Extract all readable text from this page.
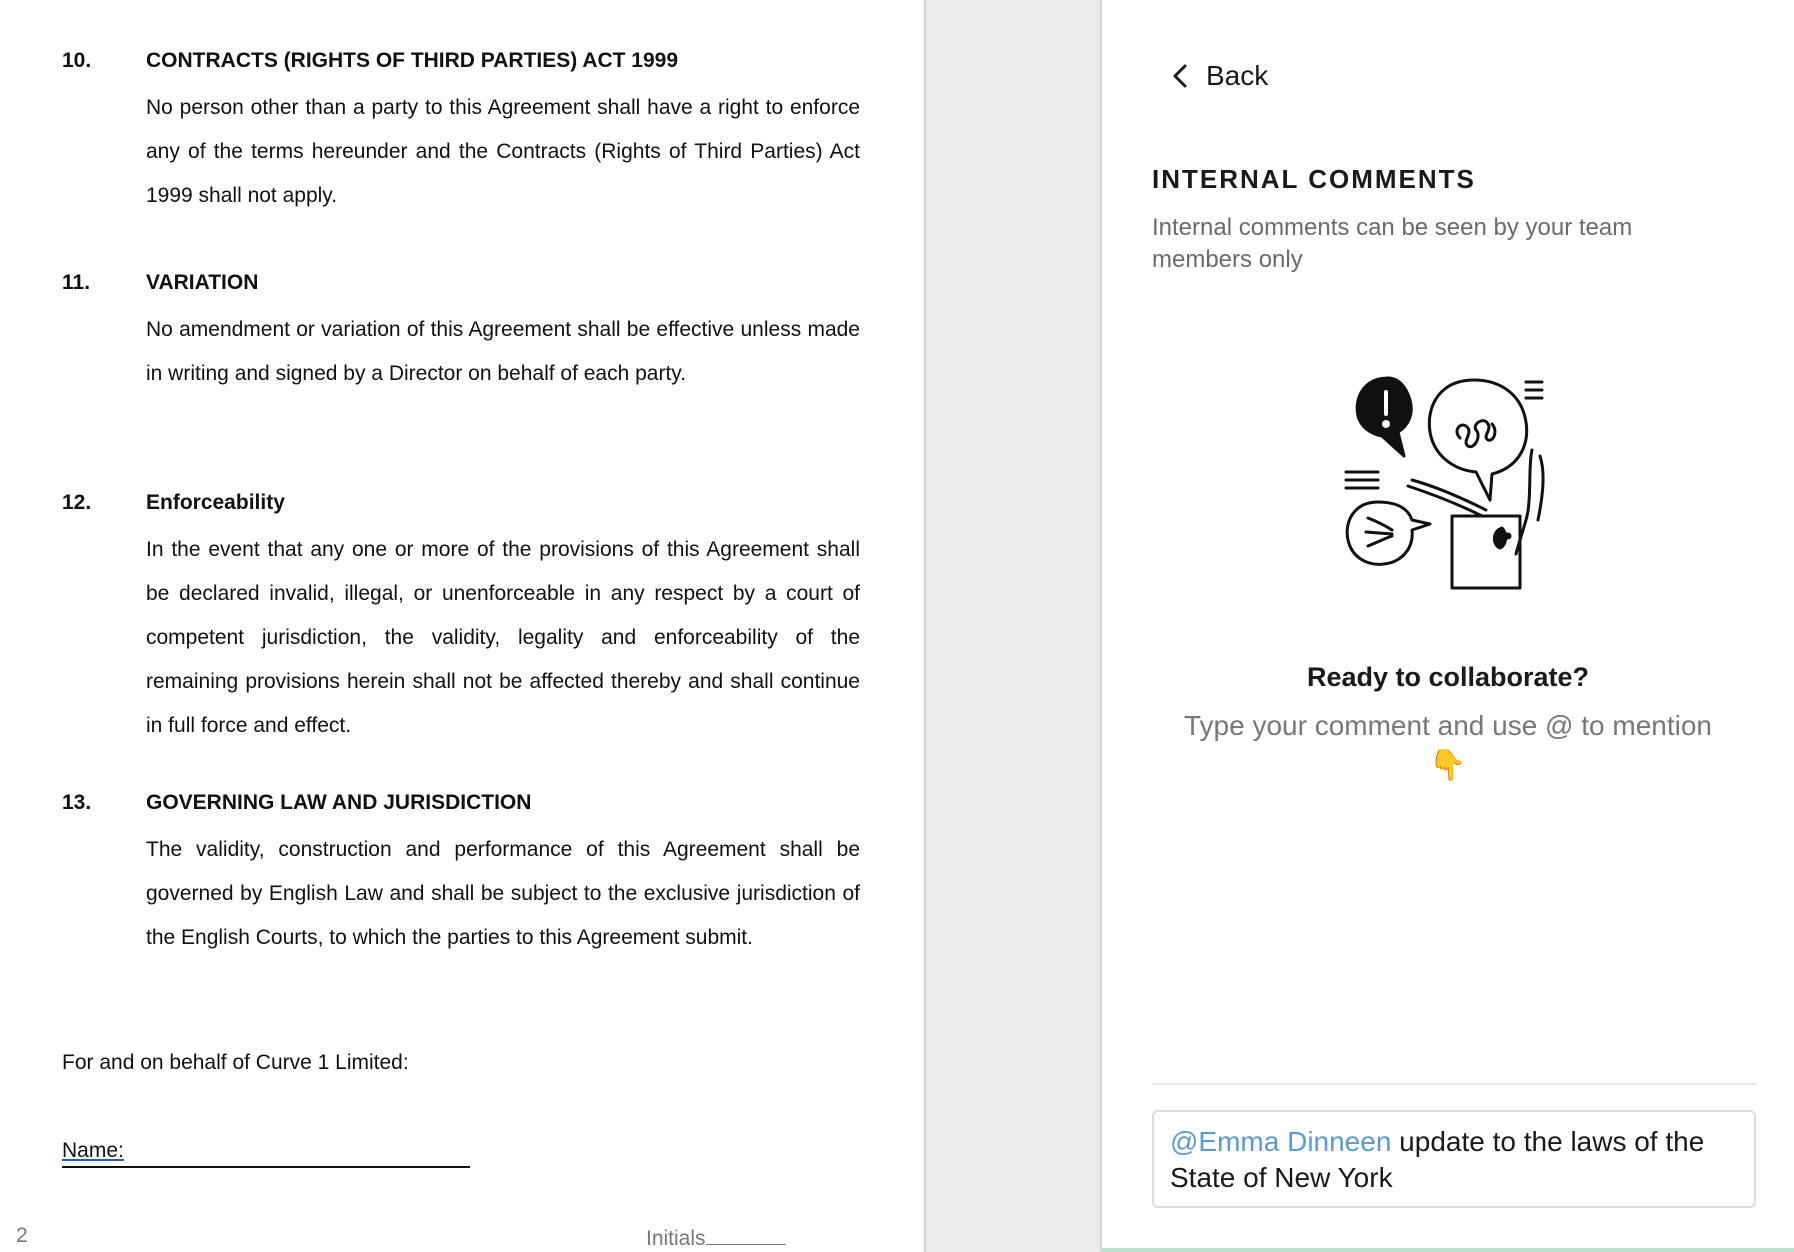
10.	CONTRACTS (RIGHTS OF THIRD PARTIES) ACT 1999
No person other than a party to this Agreement shall have a right to enforce any of the terms hereunder and the Contracts (Rights of Third Parties) Act 1999 shall not apply.
11.	VARIATION
No amendment or variation of this Agreement shall be effective unless made in writing and signed by a Director on behalf of each party.
12.	Enforceability
In the event that any one or more of the provisions of this Agreement shall be declared invalid, illegal, or unenforceable in any respect by a court of competent jurisdiction, the validity, legality and enforceability of the remaining provisions herein shall not be affected thereby and shall continue in full force and effect.
13.	GOVERNING LAW AND JURISDICTION
The validity, construction and performance of this Agreement shall be governed by English Law and shall be subject to the exclusive jurisdiction of the English Courts, to which the parties to this Agreement submit.
For and on behalf of Curve 1 Limited:
Name:
2	Initials
Back
INTERNAL COMMENTS
Internal comments can be seen by your team members only
Ready to collaborate?
Type your comment and use @ to mention
👇
@Emma Dinneen update to the laws of the State of New York
